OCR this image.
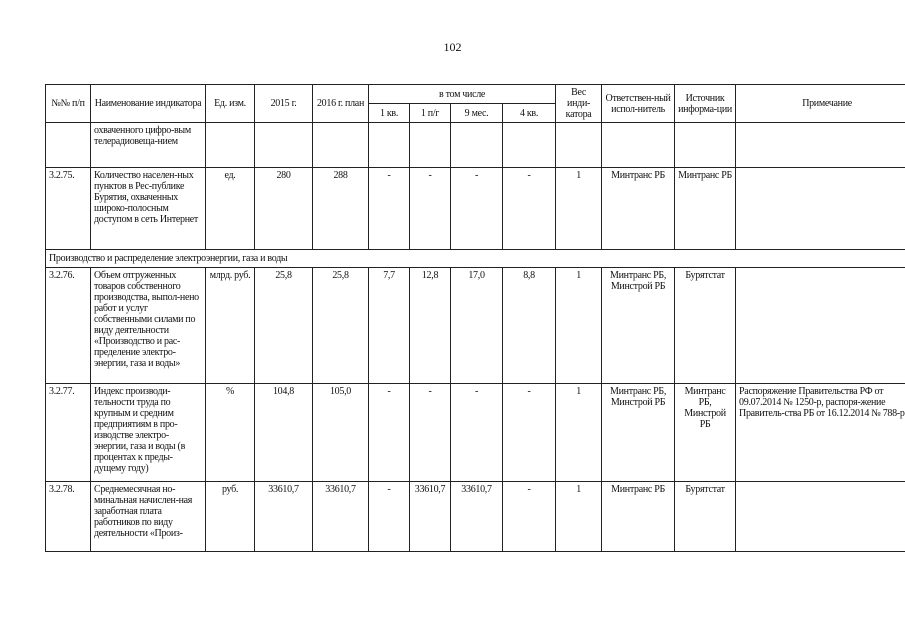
102
№№ п/п	Наименование индикатора	Ед. изм.	2015 г.	2016 г. план	в том числе				Вес инди-катора	Ответствен-ный испол-нитель	Источник информа-ции	Примечание
					1 кв.	1 п/г	9 мес.	4 кв.				
	охваченного цифро-вым телерадиовеща-нием											
3.2.75.	Количество населен-ных пунктов в Рес-публике Бурятия, охваченных широко-полосным доступом в сеть Интернет	ед.	280	288	-	-	-	-	1	Минтранс РБ	Минтранс РБ	
Производство и распределение электроэнергии, газа и воды												
3.2.76.	Объем отгруженных товаров собственного производства, выпол-нено работ и услуг собственными силами по виду деятельности «Производство и рас-пределение электро-энергии, газа и воды»	млрд. руб.	25,8	25,8	7,7	12,8	17,0	8,8	1	Минтранс РБ, Минстрой РБ	Бурятстат	
3.2.77.	Индекс производи-тельности труда по крупным и средним предприятиям в про-изводстве электро-энергии, газа и воды (в процентах к преды-дущему году)	%	104,8	105,0	-	-	-	-	1	Минтранс РБ, Минстрой РБ	Минтранс РБ, Минстрой РБ	Распоряжение Правительства РФ от 09.07.2014 № 1250-р, распоря-жение Правитель-ства РБ от 16.12.2014 № 788-р
3.2.78.	Среднемесячная но-минальная начислен-ная заработная плата работников по виду деятельности «Произ-	руб.	33610,7	33610,7	-	33610,7	33610,7	-	1	Минтранс РБ	Бурятстат	
